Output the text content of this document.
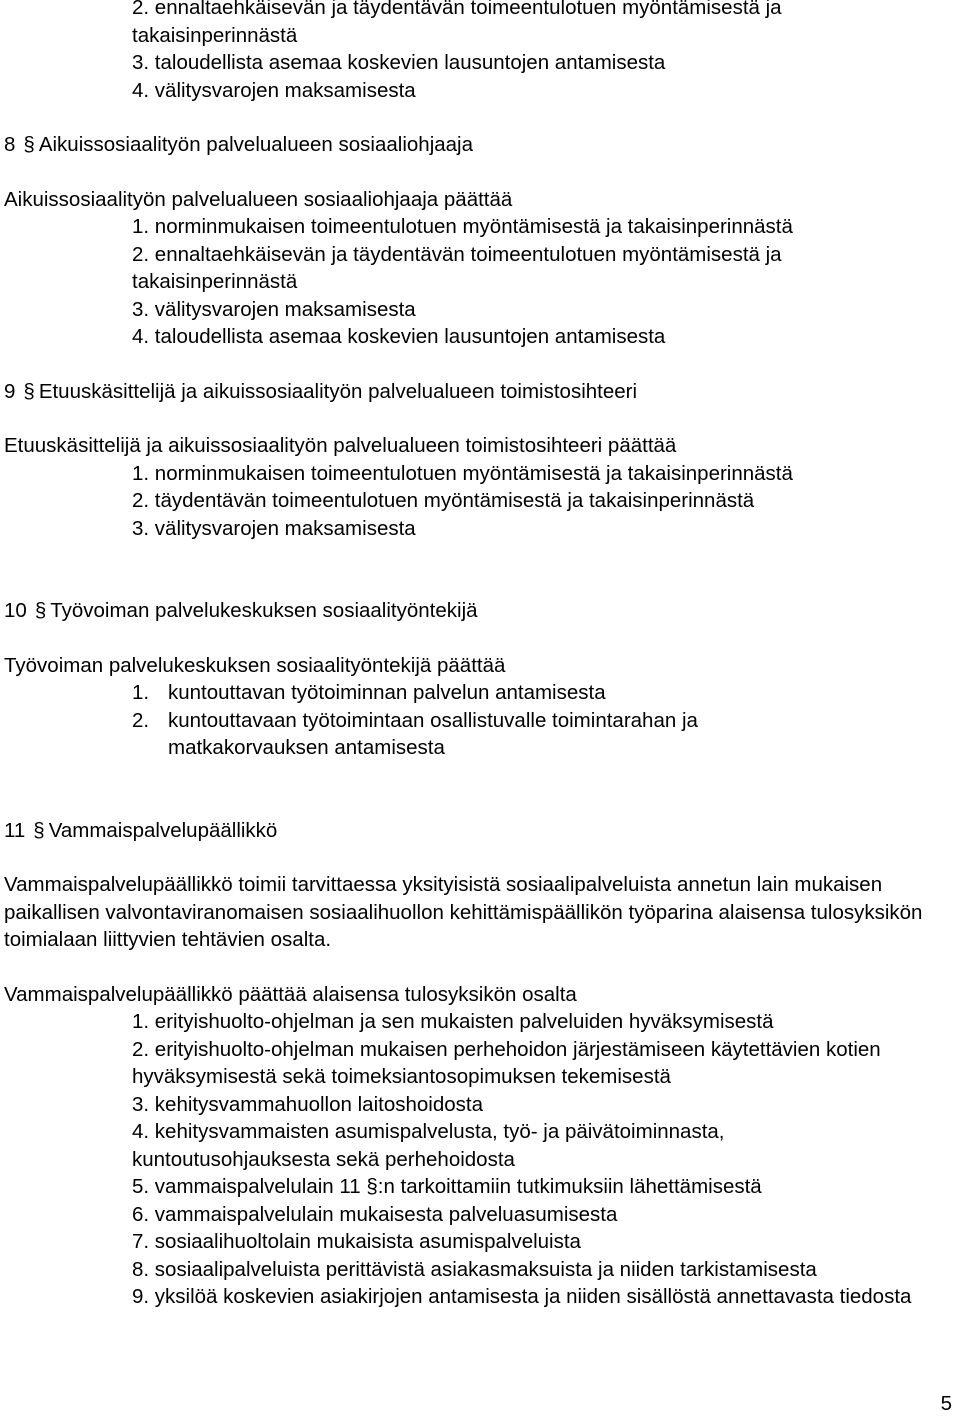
2. ennaltaehkäisevän ja täydentävän toimeentulotuen myöntämisestä ja takaisinperinnästä

3. taloudellista asemaa koskevien lausuntojen antamisesta

4. välitysvarojen maksamisesta

8 § Aikuissosiaalityön palvelualueen sosiaaliohjaaja

Aikuissosiaalityön palvelualueen sosiaaliohjaaja päättää

1. norminmukaisen toimeentulotuen myöntämisestä ja takaisinperinnästä

2. ennaltaehkäisevän ja täydentävän toimeentulotuen myöntämisestä ja takaisinperinnästä

3. välitysvarojen maksamisesta

4. taloudellista asemaa koskevien lausuntojen antamisesta

9 § Etuuskäsittelijä ja aikuissosiaalityön palvelualueen toimistosihteeri

Etuuskäsittelijä ja aikuissosiaalityön palvelualueen toimistosihteeri päättää

1. norminmukaisen toimeentulotuen myöntämisestä ja takaisinperinnästä

2. täydentävän toimeentulotuen myöntämisestä ja takaisinperinnästä

3. välitysvarojen maksamisesta

10 § Työvoiman palvelukeskuksen sosiaalityöntekijä

Työvoiman palvelukeskuksen sosiaalityöntekijä päättää

1. kuntouttavan työtoiminnan palvelun antamisesta
2. kuntouttavaan työtoimintaan osallistuvalle toimintarahan ja matkakorvauksen antamisesta

11 § Vammaispalvelupäällikkö

Vammaispalvelupäällikkö toimii tarvittaessa yksityisistä sosiaalipalveluista annetun lain mukaisen paikallisen valvontaviranomaisen sosiaalihuollon kehittämispäällikön työparina alaisensa tulosyksikön toimialaan liittyvien tehtävien osalta.

Vammaispalvelupäällikkö päättää alaisensa tulosyksikön osalta

1. erityishuolto-ohjelman ja sen mukaisten palveluiden hyväksymisestä

2. erityishuolto-ohjelman mukaisen perhehoidon järjestämiseen käytettävien kotien hyväksymisestä sekä toimeksiantosopimuksen tekemisestä

3. kehitysvammahuollon laitoshoidosta

4. kehitysvammaisten asumispalvelusta, työ- ja päivätoiminnasta, kuntoutusohjauksesta sekä perhehoidosta

5. vammaispalvelulain 11 §:n tarkoittamiin tutkimuksiin lähettämisestä

6. vammaispalvelulain mukaisesta palveluasumisesta

7. sosiaalihuoltolain mukaisista asumispalveluista

8. sosiaalipalveluista perittävistä asiakasmaksuista ja niiden tarkistamisesta

9. yksilöä koskevien asiakirjojen antamisesta ja niiden sisällöstä annettavasta tiedosta

5
